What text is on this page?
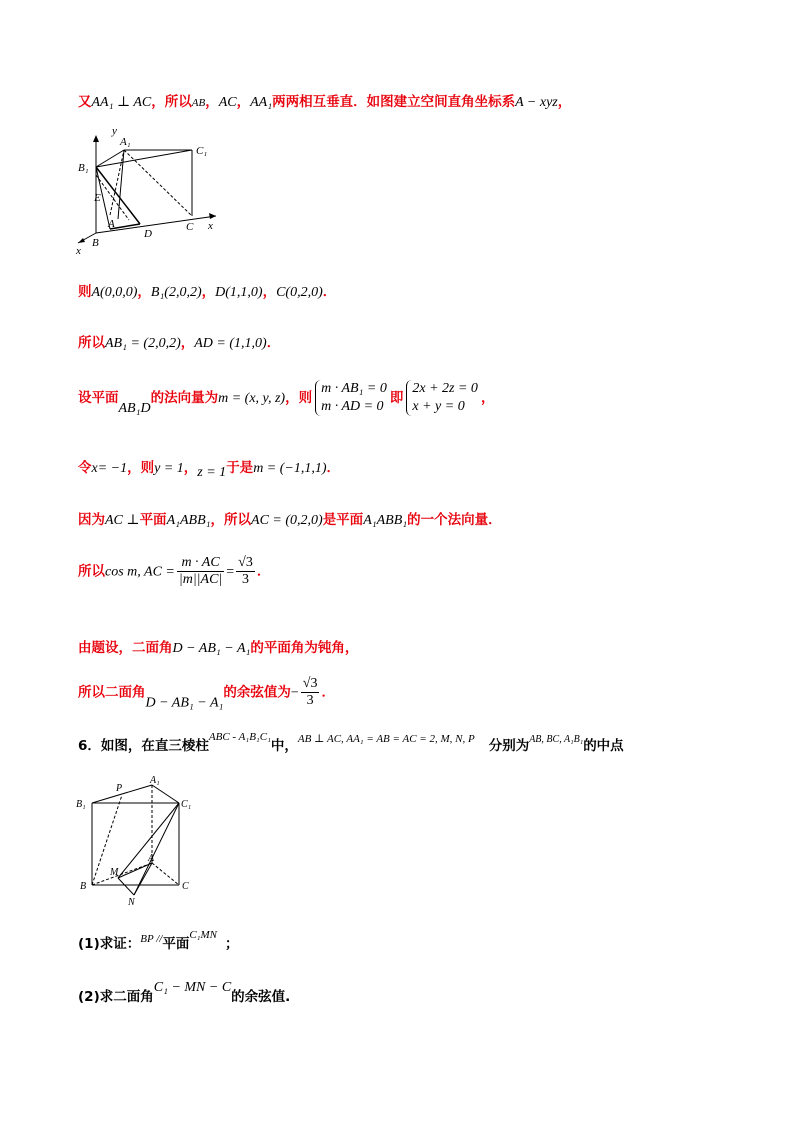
又AA₁ ⊥ AC，所以AB，AC，AA₁两两相互垂直．如图建立空间直角坐标系A − xyz，
y
A₁
C₁
B₁
E
A
D
C x
B
x
则A(0,0,0)，B₁(2,0,2)，D(1,1,0)，C(0,2,0)．
所以AB₁ = (2,0,2)，AD = (1,1,0)．
设平面AB₁D的法向量为m = (x, y, z)，则
m · AB₁ = 0
m · AD = 0
即
2x + 2z = 0
x + y = 0
，
令x= −1，则y = 1，z = 1于是m = (−1,1,1)．
因为AC ⊥平面A₁ABB₁，所以AC = (0,2,0)是平面A₁ABB₁的一个法向量．
所以cos m, AC = $\frac{m \cdot AC}{|m||AC|} = \frac{√3}{3}$ ．
由题设，二面角D − AB₁ − A₁的平面角为钝角，
所以二面角D − AB₁ − A₁的余弦值为− $\frac{√3}{3}$ ．
6．如图，在直三棱柱$^{ABC - A_1B_1C_1}$中，$^{AB \perp AC, AA_1 = AB = AC = 2, M, N, P}$ 分别为$^{AB, BC, A_1B_1}$的中点
A₁
P
B₁	C₁
A
M
B	C
N
(1)求证：$^{BP //}$平面$^{C_1MN}$；
(2)求二面角C₁ − MN − C的余弦值.
